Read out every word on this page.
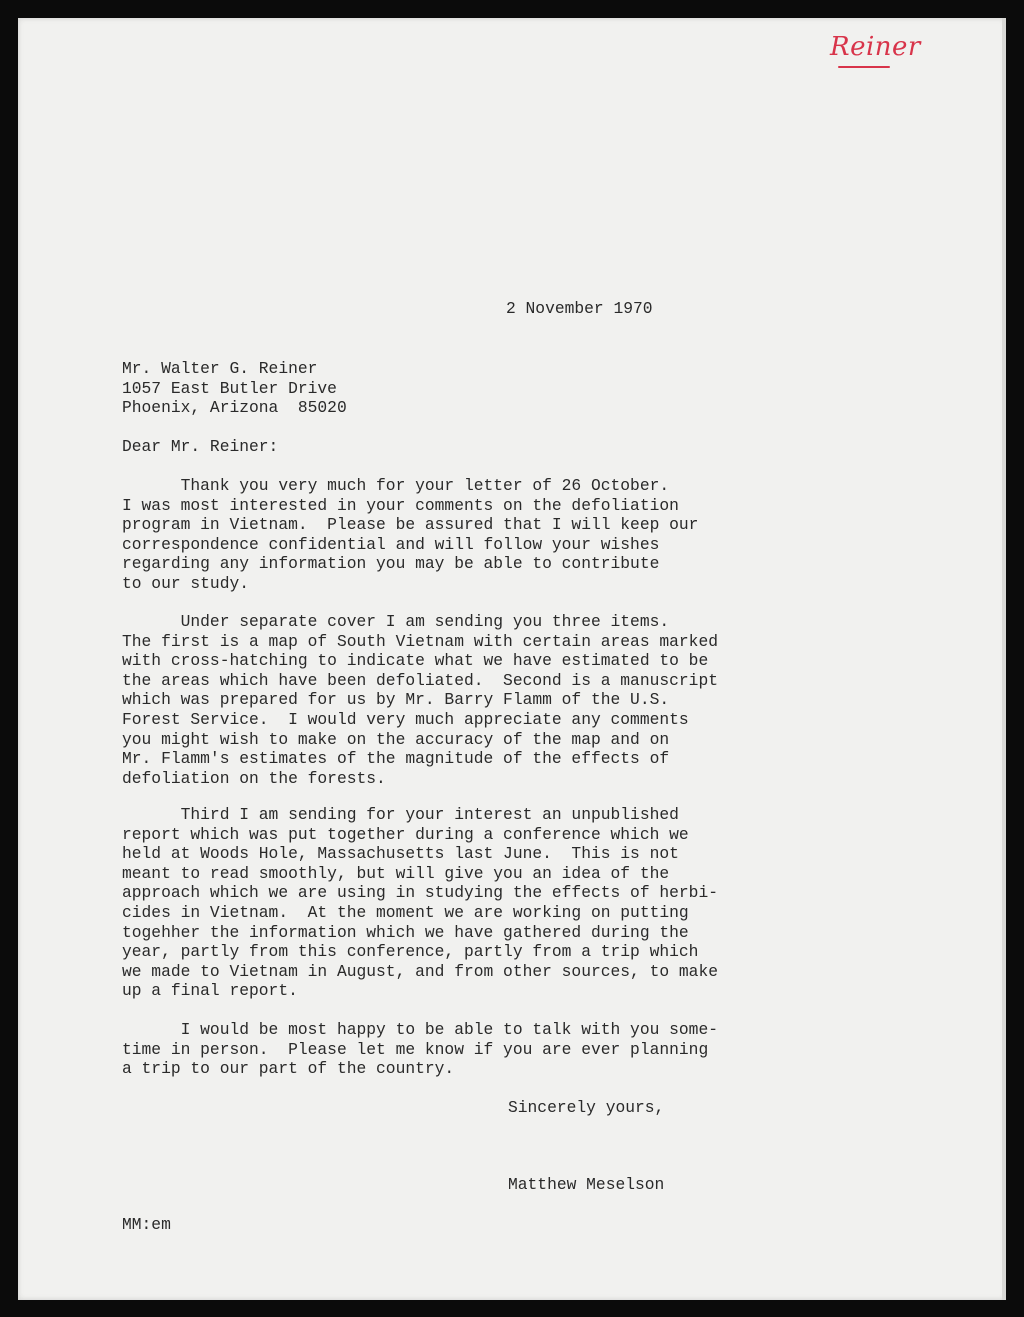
Reiner
2 November 1970
Mr. Walter G. Reiner
1057 East Butler Drive
Phoenix, Arizona  85020
Dear Mr. Reiner:
Thank you very much for your letter of 26 October.
I was most interested in your comments on the defoliation
program in Vietnam.  Please be assured that I will keep our
correspondence confidential and will follow your wishes
regarding any information you may be able to contribute
to our study.
Under separate cover I am sending you three items.
The first is a map of South Vietnam with certain areas marked
with cross-hatching to indicate what we have estimated to be
the areas which have been defoliated.  Second is a manuscript
which was prepared for us by Mr. Barry Flamm of the U.S.
Forest Service.  I would very much appreciate any comments
you might wish to make on the accuracy of the map and on
Mr. Flamm's estimates of the magnitude of the effects of
defoliation on the forests.
Third I am sending for your interest an unpublished
report which was put together during a conference which we
held at Woods Hole, Massachusetts last June.  This is not
meant to read smoothly, but will give you an idea of the
approach which we are using in studying the effects of herbi-
cides in Vietnam.  At the moment we are working on putting
togehher the information which we have gathered during the
year, partly from this conference, partly from a trip which
we made to Vietnam in August, and from other sources, to make
up a final report.
I would be most happy to be able to talk with you some-
time in person.  Please let me know if you are ever planning
a trip to our part of the country.
Sincerely yours,
Matthew Meselson
MM:em
